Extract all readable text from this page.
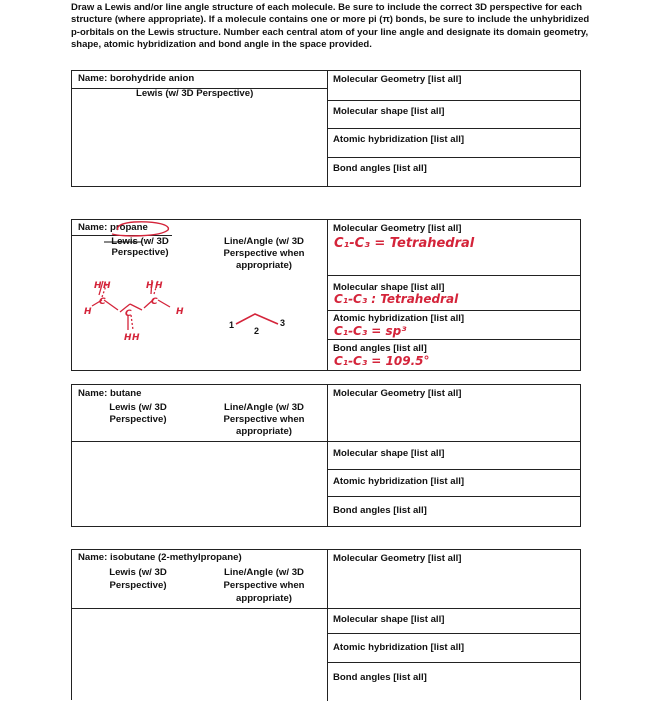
Draw a Lewis and/or line angle structure of each molecule. Be sure to include the correct 3D perspective for each structure (where appropriate). If a molecule contains one or more pi (π) bonds, be sure to include the unhybridized p-orbitals on the Lewis structure. Number each central atom of your line angle and designate its domain geometry, shape, atomic hybridization and bond angle in the space provided.
Name: borohydride anion
Lewis (w/ 3D Perspective)
Molecular Geometry [list all]
Molecular shape [list all]
Atomic hybridization [list all]
Bond angles [list all]
Name: propane
Lewis (w/ 3D
Perspective)
Line/Angle (w/ 3D
Perspective when
appropriate)
Molecular Geometry [list all]
C₁-C₃ = Tetrahedral
Molecular shape [list all]
C₁-C₃ : Tetrahedral
Atomic hybridization [list all]
C₁-C₃ = sp³
Bond angles [list all]
C₁-C₃ = 109.5°
H H	H H
H
C
C
C
H
H H
1
2
3
Name: butane
Lewis (w/ 3D
Perspective)
Line/Angle (w/ 3D
Perspective when
appropriate)
Molecular Geometry [list all]
Molecular shape [list all]
Atomic hybridization [list all]
Bond angles [list all]
Name: isobutane (2-methylpropane)
Lewis (w/ 3D
Perspective)
Line/Angle (w/ 3D
Perspective when
appropriate)
Molecular Geometry [list all]
Molecular shape [list all]
Atomic hybridization [list all]
Bond angles [list all]
